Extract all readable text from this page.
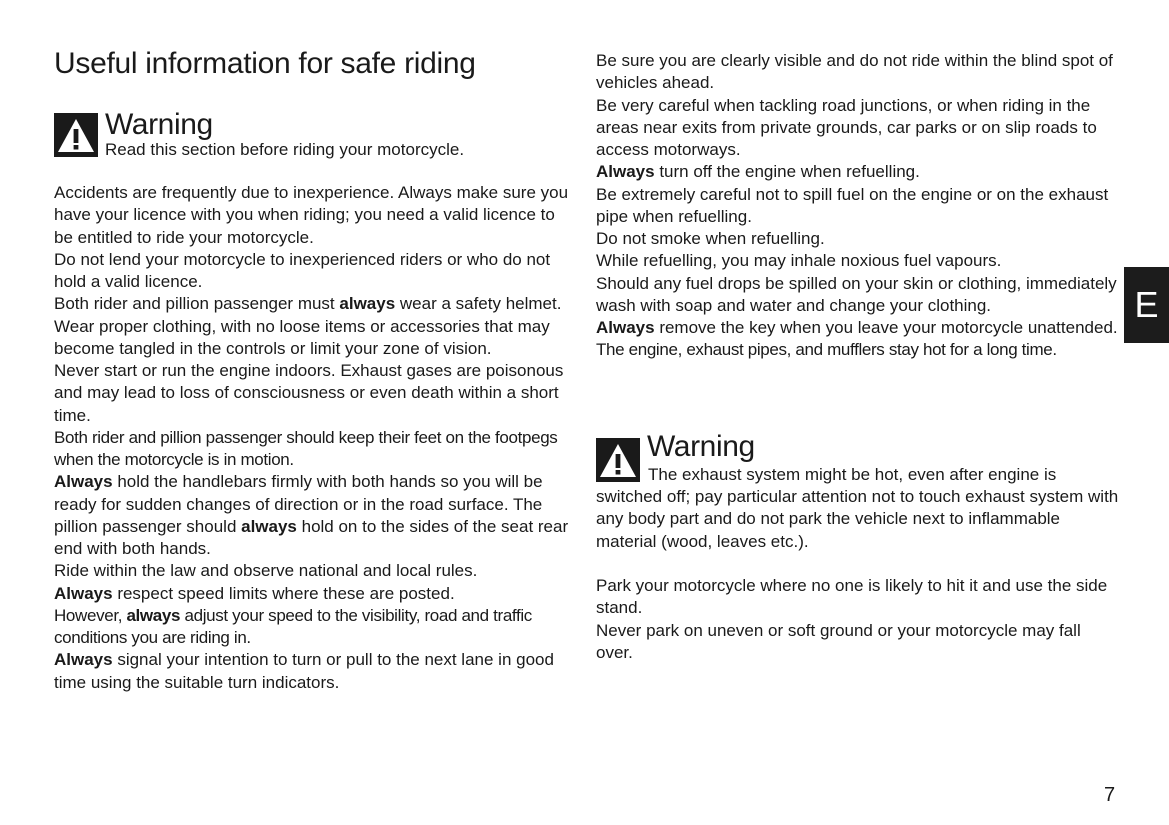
Useful information for safe riding
Warning
Read this section before riding your motorcycle.

Accidents are frequently due to inexperience. Always make sure you have your licence with you when riding; you need a valid licence to be entitled to ride your motorcycle.

Do not lend your motorcycle to inexperienced riders or who do not hold a valid licence.

Both rider and pillion passenger must always wear a safety helmet.

Wear proper clothing, with no loose items or accessories that may become tangled in the controls or limit your zone of vision.

Never start or run the engine indoors. Exhaust gases are poisonous and may lead to loss of consciousness or even death within a short time.

Both rider and pillion passenger should keep their feet on the footpegs when the motorcycle is in motion.

Always hold the handlebars firmly with both hands so you will be ready for sudden changes of direction or in the road surface. The pillion passenger should always hold on to the sides of the seat rear end with both hands.

Ride within the law and observe national and local rules.

Always respect speed limits where these are posted.

However, always adjust your speed to the visibility, road and traffic conditions you are riding in.

Always signal your intention to turn or pull to the next lane in good time using the suitable turn indicators.

Be sure you are clearly visible and do not ride within the blind spot of vehicles ahead.

Be very careful when tackling road junctions, or when riding in the areas near exits from private grounds, car parks or on slip roads to access motorways.

Always turn off the engine when refuelling.

Be extremely careful not to spill fuel on the engine or on the exhaust pipe when refuelling.

Do not smoke when refuelling.

While refuelling, you may inhale noxious fuel vapours.

Should any fuel drops be spilled on your skin or clothing, immediately wash with soap and water and change your clothing.

Always remove the key when you leave your motorcycle unattended.

The engine, exhaust pipes, and mufflers stay hot for a long time.

Warning
The exhaust system might be hot, even after engine is switched off; pay particular attention not to touch exhaust system with any body part and do not park the vehicle next to inflammable material (wood, leaves etc.).

Park your motorcycle where no one is likely to hit it and use the side stand.

Never park on uneven or soft ground or your motorcycle may fall over.

E
7
